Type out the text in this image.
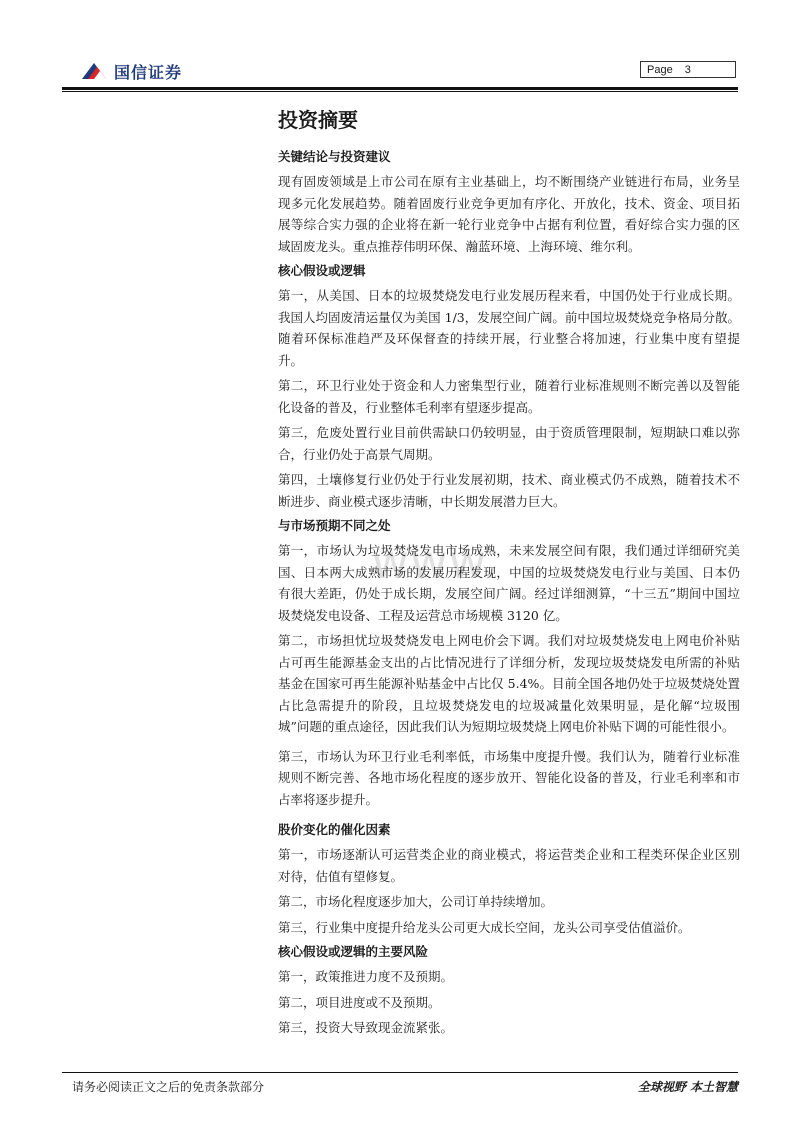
国信证券	Page 3
www.
投资摘要
关键结论与投资建议
现有固废领域是上市公司在原有主业基础上，均不断围绕产业链进行布局，业务呈现多元化发展趋势。随着固废行业竞争更加有序化、开放化，技术、资金、项目拓展等综合实力强的企业将在新一轮行业竞争中占据有利位置，看好综合实力强的区域固废龙头。重点推荐伟明环保、瀚蓝环境、上海环境、维尔利。
核心假设或逻辑
第一，从美国、日本的垃圾焚烧发电行业发展历程来看，中国仍处于行业成长期。我国人均固废清运量仅为美国 1/3，发展空间广阔。前中国垃圾焚烧竞争格局分散。随着环保标准趋严及环保督查的持续开展，行业整合将加速，行业集中度有望提升。
第二，环卫行业处于资金和人力密集型行业，随着行业标准规则不断完善以及智能化设备的普及，行业整体毛利率有望逐步提高。
第三，危废处置行业目前供需缺口仍较明显，由于资质管理限制，短期缺口难以弥合，行业仍处于高景气周期。
第四，土壤修复行业仍处于行业发展初期，技术、商业模式仍不成熟，随着技术不断进步、商业模式逐步清晰，中长期发展潜力巨大。
与市场预期不同之处
第一，市场认为垃圾焚烧发电市场成熟，未来发展空间有限，我们通过详细研究美国、日本两大成熟市场的发展历程发现，中国的垃圾焚烧发电行业与美国、日本仍有很大差距，仍处于成长期，发展空间广阔。经过详细测算，“十三五”期间中国垃圾焚烧发电设备、工程及运营总市场规模 3120 亿。
第二，市场担忧垃圾焚烧发电上网电价会下调。我们对垃圾焚烧发电上网电价补贴占可再生能源基金支出的占比情况进行了详细分析，发现垃圾焚烧发电所需的补贴基金在国家可再生能源补贴基金中占比仅 5.4%。目前全国各地仍处于垃圾焚烧处置占比急需提升的阶段，且垃圾焚烧发电的垃圾减量化效果明显，是化解“垃圾围城”问题的重点途径，因此我们认为短期垃圾焚烧上网电价补贴下调的可能性很小。
第三，市场认为环卫行业毛利率低，市场集中度提升慢。我们认为，随着行业标准规则不断完善、各地市场化程度的逐步放开、智能化设备的普及，行业毛利率和市占率将逐步提升。
股价变化的催化因素
第一，市场逐渐认可运营类企业的商业模式，将运营类企业和工程类环保企业区别对待，估值有望修复。
第二，市场化程度逐步加大，公司订单持续增加。
第三，行业集中度提升给龙头公司更大成长空间，龙头公司享受估值溢价。
核心假设或逻辑的主要风险
第一，政策推进力度不及预期。
第二，项目进度或不及预期。
第三，投资大导致现金流紧张。
请务必阅读正文之后的免责条款部分	全球视野 本土智慧
